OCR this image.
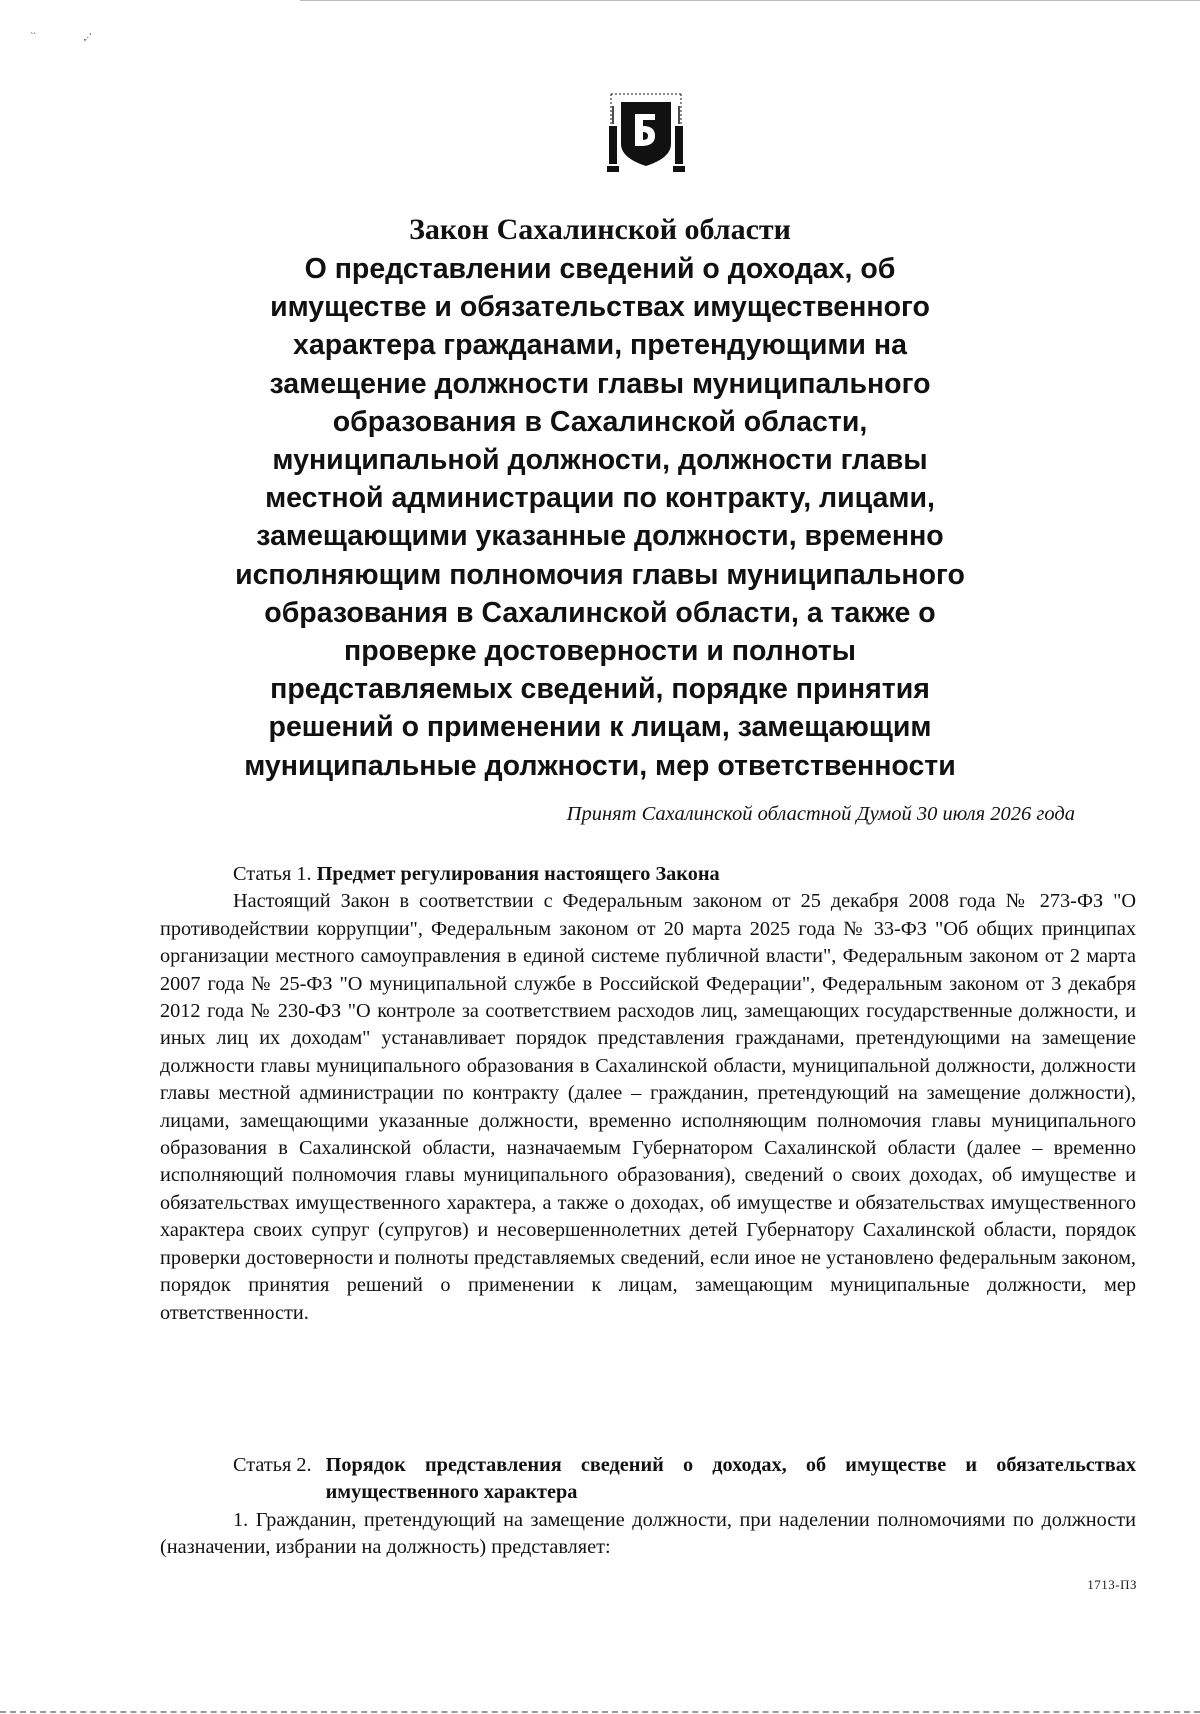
``	„·’
Закон Сахалинской области
О представлении сведений о доходах, об
имуществе и обязательствах имущественного
характера гражданами, претендующими на
замещение должности главы муниципального
образования в Сахалинской области,
муниципальной должности, должности главы
местной администрации по контракту, лицами,
замещающими указанные должности, временно
исполняющим полномочия главы муниципального
образования в Сахалинской области, а также о
проверке достоверности и полноты
представляемых сведений, порядке принятия
решений о применении к лицам, замещающим
муниципальные должности, мер ответственности
Принят Сахалинской областной Думой 30 июля 2026 года

Статья 1. Предмет регулирования настоящего Закона

Настоящий Закон в соответствии с Федеральным законом от 25 декабря 2008 года № 273-ФЗ "О противодействии коррупции", Федеральным законом от 20 марта 2025 года № 33-ФЗ "Об общих принципах организации местного самоуправления в единой системе публичной власти", Федеральным законом от 2 марта 2007 года № 25-ФЗ "О муниципальной службе в Российской Федерации", Федеральным законом от 3 декабря 2012 года № 230-ФЗ "О контроле за соответствием расходов лиц, замещающих государственные должности, и иных лиц их доходам" устанавливает порядок представления гражданами, претендующими на замещение должности главы муниципального образования в Сахалинской области, муниципальной должности, должности главы местной администрации по контракту (далее – гражданин, претендующий на замещение должности), лицами, замещающими указанные должности, временно исполняющим полномочия главы муниципального образования в Сахалинской области, назначаемым Губернатором Сахалинской области (далее – временно исполняющий полномочия главы муниципального образования), сведений о своих доходах, об имуществе и обязательствах имущественного характера, а также о доходах, об имуществе и обязательствах имущественного характера своих супруг (супругов) и несовершеннолетних детей Губернатору Сахалинской области, порядок проверки достоверности и полноты представляемых сведений, если иное не установлено федеральным законом, порядок принятия решений о применении к лицам, замещающим муниципальные должности, мер ответственности.

Статья 2. Порядок представления сведений о доходах, об имуществе и обязательствах имущественного характера

1. Гражданин, претендующий на замещение должности, при наделении полномочиями по должности (назначении, избрании на должность) представляет:

1713-ПЗ
